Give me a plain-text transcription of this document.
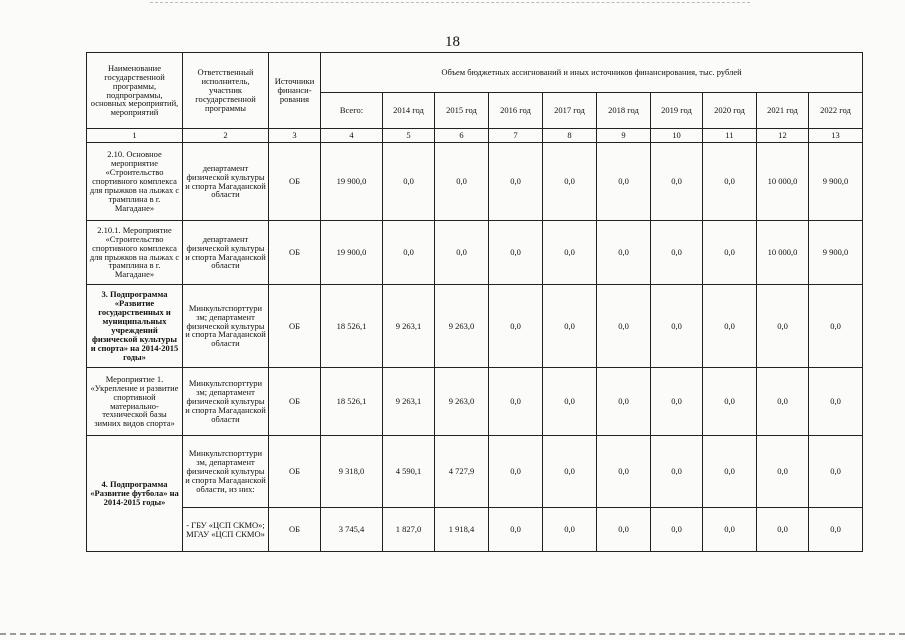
18
Наименование государственной программы, подпрограммы, основных мероприятий, мероприятий	Ответственный исполнитель, участник государственной программы	Источники финанси-рования	Объем бюджетных ассигнований и иных источников финансирования, тыс. рублей									
			Всего:	2014 год	2015 год	2016 год	2017 год	2018 год	2019 год	2020 год	2021 год	2022 год
1	2	3	4	5	6	7	8	9	10	11	12	13
2.10. Основное мероприятие «Строительство спортивного комплекса для прыжков на лыжах с трамплина в г. Магадане»	департамент физической культуры и спорта Магаданской области	ОБ	19 900,0	0,0	0,0	0,0	0,0	0,0	0,0	0,0	10 000,0	9 900,0
2.10.1. Мероприятие «Строительство спортивного комплекса для прыжков на лыжах с трамплина в г. Магадане»	департамент физической культуры и спорта Магаданской области	ОБ	19 900,0	0,0	0,0	0,0	0,0	0,0	0,0	0,0	10 000,0	9 900,0
3. Подпрограмма «Развитие государственных и муниципальных учреждений физической культуры и спорта» на 2014-2015 годы»	Минкультспорттури зм; департамент физической культуры и спорта Магаданской области	ОБ	18 526,1	9 263,1	9 263,0	0,0	0,0	0,0	0,0	0,0	0,0	0,0
Мероприятие 1. «Укрепление и развитие спортивной материально-технической базы зимних видов спорта»	Минкультспорттури зм; департамент физической культуры и спорта Магаданской области	ОБ	18 526,1	9 263,1	9 263,0	0,0	0,0	0,0	0,0	0,0	0,0	0,0
4. Подпрограмма «Развитие футбола» на 2014-2015 годы»	Минкультспорттури зм, департамент физической культуры и спорта Магаданской области, из них:	ОБ	9 318,0	4 590,1	4 727,9	0,0	0,0	0,0	0,0	0,0	0,0	0,0
	- ГБУ «ЦСП СКМО»; МГАУ «ЦСП СКМО»	ОБ	3 745,4	1 827,0	1 918,4	0,0	0,0	0,0	0,0	0,0	0,0	0,0
